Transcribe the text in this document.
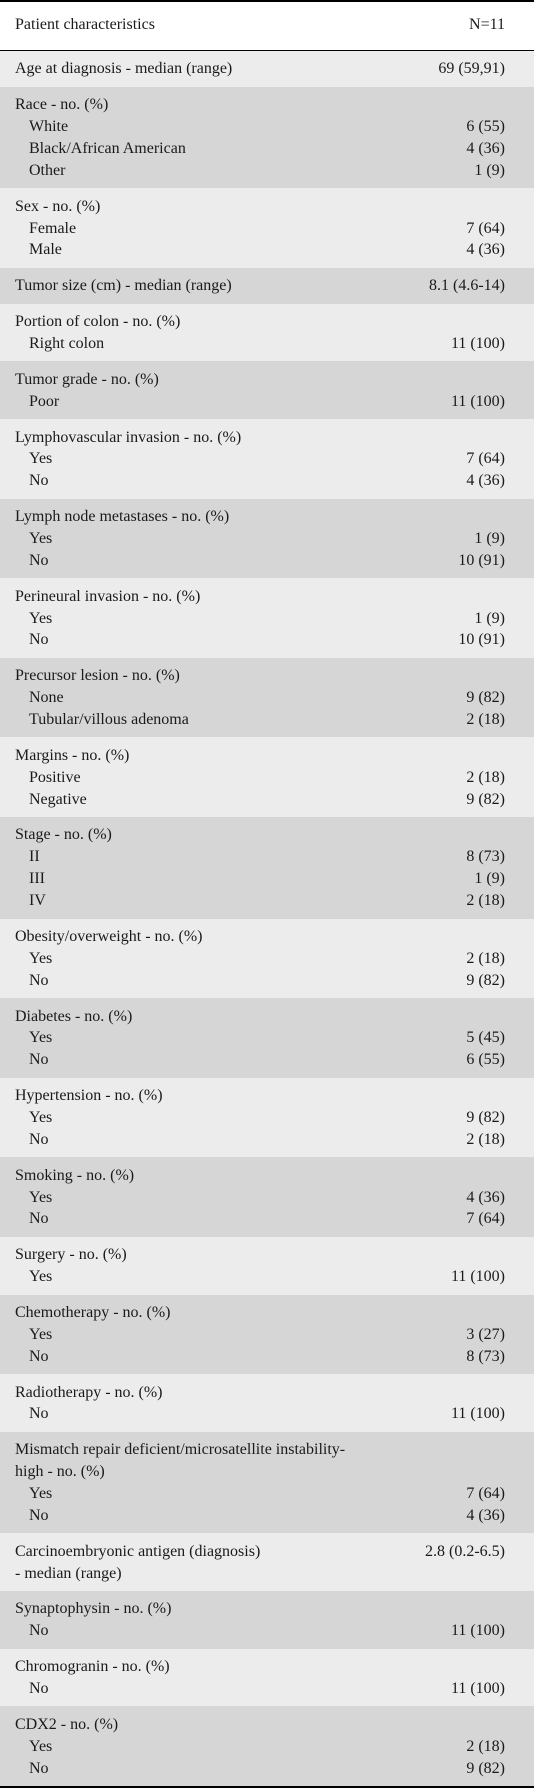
Patient characteristics	N=11
Age at diagnosis - median (range)	69 (59,91)
Race - no. (%)
White	6 (55)
Black/African American	4 (36)
Other	1 (9)
Sex - no. (%)
Female	7 (64)
Male	4 (36)
Tumor size (cm) - median (range)	8.1 (4.6-14)
Portion of colon - no. (%)
Right colon	11 (100)
Tumor grade - no. (%)
Poor	11 (100)
Lymphovascular invasion - no. (%)
Yes	7 (64)
No	4 (36)
Lymph node metastases - no. (%)
Yes	1 (9)
No	10 (91)
Perineural invasion - no. (%)
Yes	1 (9)
No	10 (91)
Precursor lesion - no. (%)
None	9 (82)
Tubular/villous adenoma	2 (18)
Margins - no. (%)
Positive	2 (18)
Negative	9 (82)
Stage - no. (%)
II	8 (73)
III	1 (9)
IV	2 (18)
Obesity/overweight - no. (%)
Yes	2 (18)
No	9 (82)
Diabetes - no. (%)
Yes	5 (45)
No	6 (55)
Hypertension - no. (%)
Yes	9 (82)
No	2 (18)
Smoking - no. (%)
Yes	4 (36)
No	7 (64)
Surgery - no. (%)
Yes	11 (100)
Chemotherapy - no. (%)
Yes	3 (27)
No	8 (73)
Radiotherapy - no. (%)
No	11 (100)
Mismatch repair deficient/microsatellite instability-
high - no. (%)
Yes	7 (64)
No	4 (36)
Carcinoembryonic antigen (diagnosis)	2.8 (0.2-6.5)
- median (range)
Synaptophysin - no. (%)
No	11 (100)
Chromogranin - no. (%)
No	11 (100)
CDX2 - no. (%)
Yes	2 (18)
No	9 (82)
